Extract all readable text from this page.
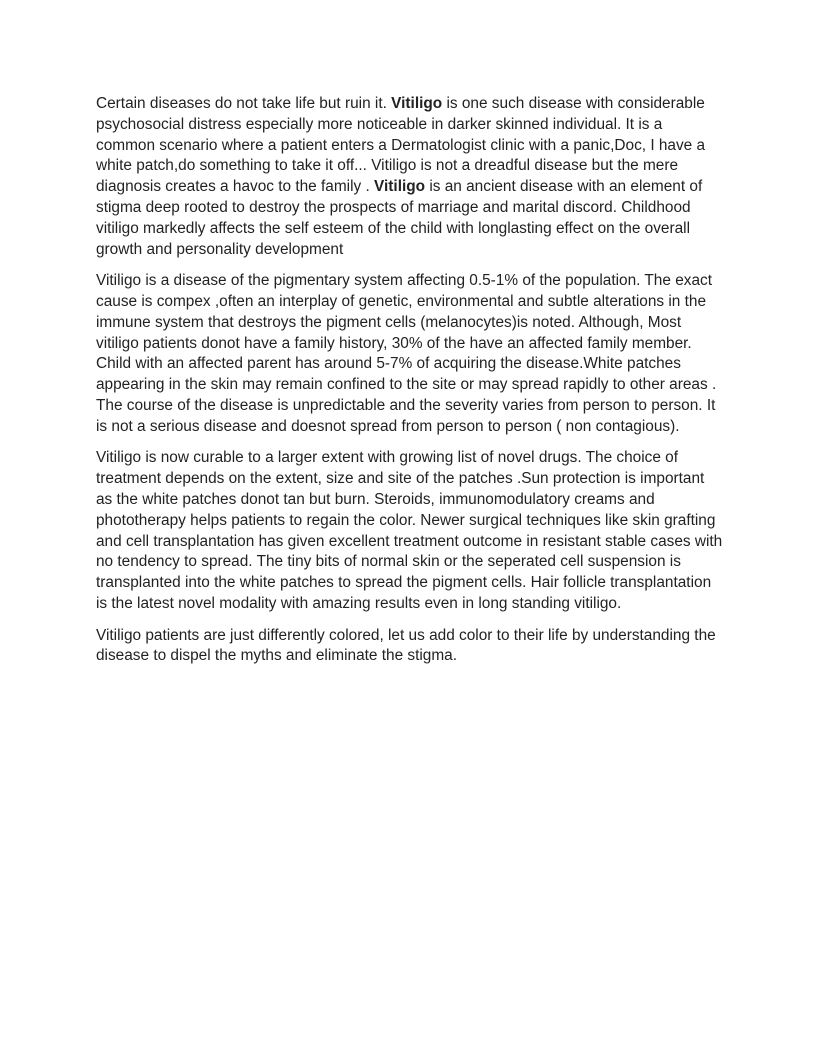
Certain diseases do not take life but ruin it. Vitiligo is one such disease with considerable psychosocial distress especially more noticeable in darker skinned individual. It is a common scenario where a patient enters a Dermatologist clinic with a panic,Doc, I have a white patch,do something to take it off... Vitiligo is not a dreadful disease but the mere diagnosis creates a havoc to the family . Vitiligo is an ancient disease with an element of stigma deep rooted to destroy the prospects of marriage and marital discord. Childhood vitiligo markedly affects the self esteem of the child with longlasting effect on the overall growth and personality development

Vitiligo is a disease of the pigmentary system affecting 0.5-1% of the population. The exact cause is compex ,often an interplay of genetic, environmental and subtle alterations in the immune system that destroys the pigment cells (melanocytes)is noted. Although, Most vitiligo patients donot have a family history, 30% of the have an affected family member. Child with an affected parent has around 5-7% of acquiring the disease.White patches appearing in the skin may remain confined to the site or may spread rapidly to other areas . The course of the disease is unpredictable and the severity varies from person to person. It is not a serious disease and doesnot spread from person to person ( non contagious).

Vitiligo is now curable to a larger extent with growing list of novel drugs. The choice of treatment depends on the extent, size and site of the patches .Sun protection is important as the white patches donot tan but burn. Steroids, immunomodulatory creams and phototherapy helps patients to regain the color. Newer surgical techniques like skin grafting and cell transplantation has given excellent treatment outcome in resistant stable cases with no tendency to spread. The tiny bits of normal skin or the seperated cell suspension is transplanted into the white patches to spread the pigment cells. Hair follicle transplantation is the latest novel modality with amazing results even in long standing vitiligo.

Vitiligo patients are just differently colored, let us add color to their life by understanding the disease to dispel the myths and eliminate the stigma.
